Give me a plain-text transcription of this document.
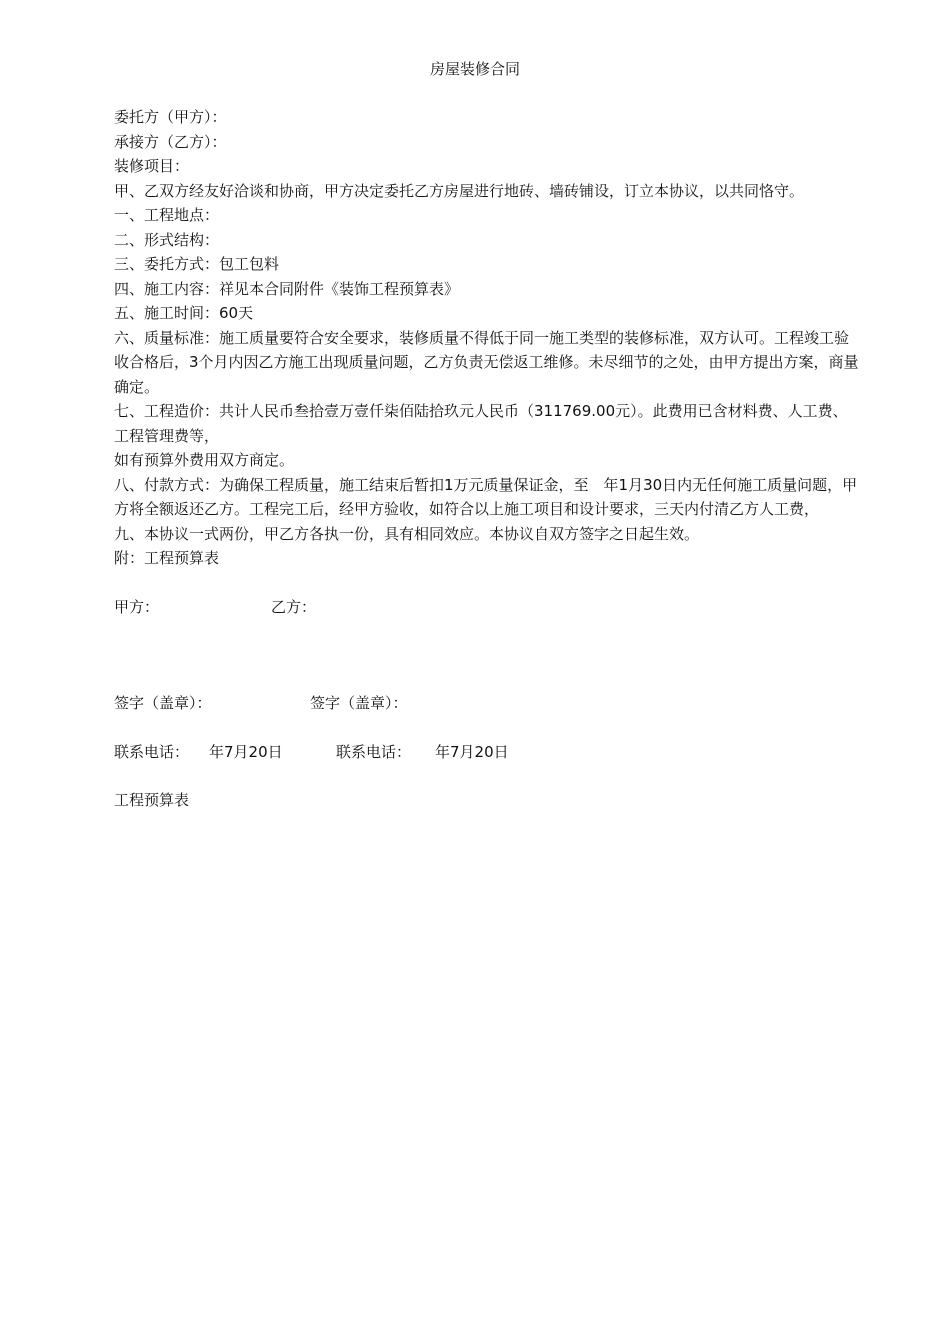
房屋装修合同

委托方（甲方）：

承接方（乙方）：

装修项目：

甲、乙双方经友好洽谈和协商，甲方决定委托乙方房屋进行地砖、墙砖铺设，订立本协议，以共同恪守。

一、工程地点：

二、形式结构：

三、委托方式：包工包料

四、施工内容：祥见本合同附件《装饰工程预算表》

五、施工时间：60天

六、质量标准：施工质量要符合安全要求，装修质量不得低于同一施工类型的装修标准，双方认可。工程竣工验收合格后，3个月内因乙方施工出现质量问题，乙方负责无偿返工维修。未尽细节的之处，由甲方提出方案，商量确定。

七、工程造价：共计人民币叁拾壹万壹仟柒佰陆拾玖元人民币（311769.00元）。此费用已含材料费、人工费、工程管理费等，

如有预算外费用双方商定。

八、付款方式：为确保工程质量，施工结束后暂扣1万元质量保证金，至　年1月30日内无任何施工质量问题，甲方将全额返还乙方。工程完工后，经甲方验收，如符合以上施工项目和设计要求，三天内付清乙方人工费，

九、本协议一式两份，甲乙方各执一份，具有相同效应。本协议自双方签字之日起生效。

附：工程预算表

甲方：	乙方：
签字（盖章）：	签字（盖章）：
联系电话： 年7月20日	联系电话： 年7月20日

工程预算表
